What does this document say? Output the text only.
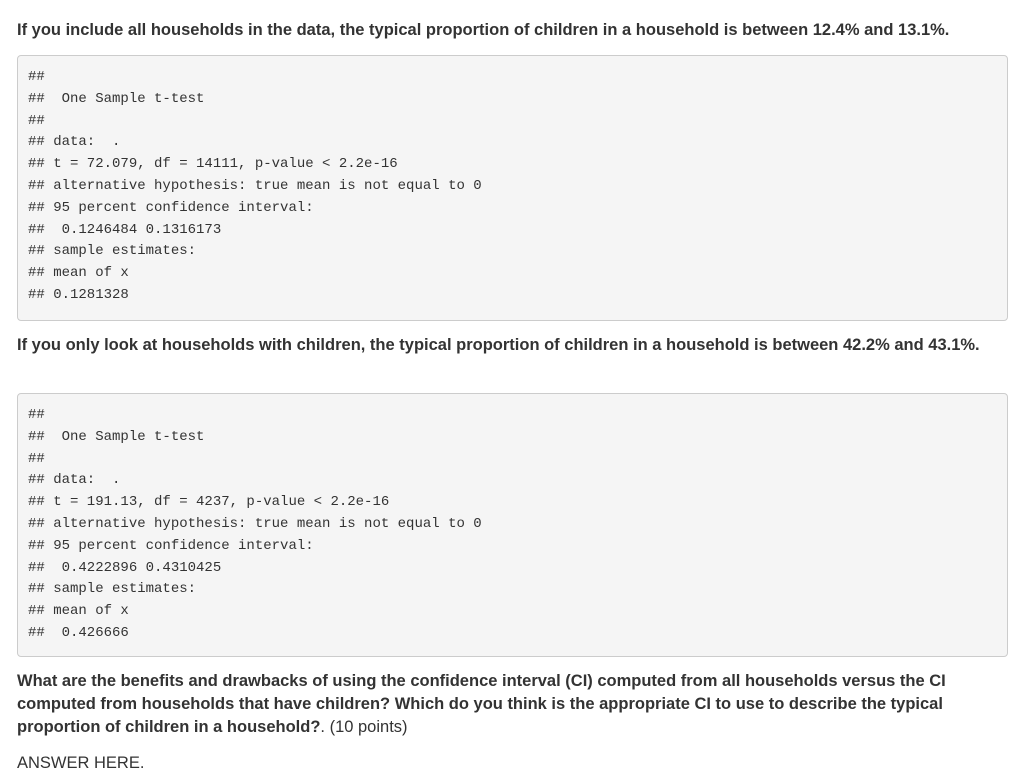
If you include all households in the data, the typical proportion of children in a household is between 12.4% and 13.1%.

##
##  One Sample t-test
##
## data:  .
## t = 72.079, df = 14111, p-value < 2.2e-16
## alternative hypothesis: true mean is not equal to 0
## 95 percent confidence interval:
##  0.1246484 0.1316173
## sample estimates:
## mean of x
## 0.1281328

If you only look at households with children, the typical proportion of children in a household is between 42.2% and 43.1%.

##
##  One Sample t-test
##
## data:  .
## t = 191.13, df = 4237, p-value < 2.2e-16
## alternative hypothesis: true mean is not equal to 0
## 95 percent confidence interval:
##  0.4222896 0.4310425
## sample estimates:
## mean of x
##  0.426666

What are the benefits and drawbacks of using the confidence interval (CI) computed from all households versus the CI computed from households that have children? Which do you think is the appropriate CI to use to describe the typical proportion of children in a household?. (10 points)

ANSWER HERE.
